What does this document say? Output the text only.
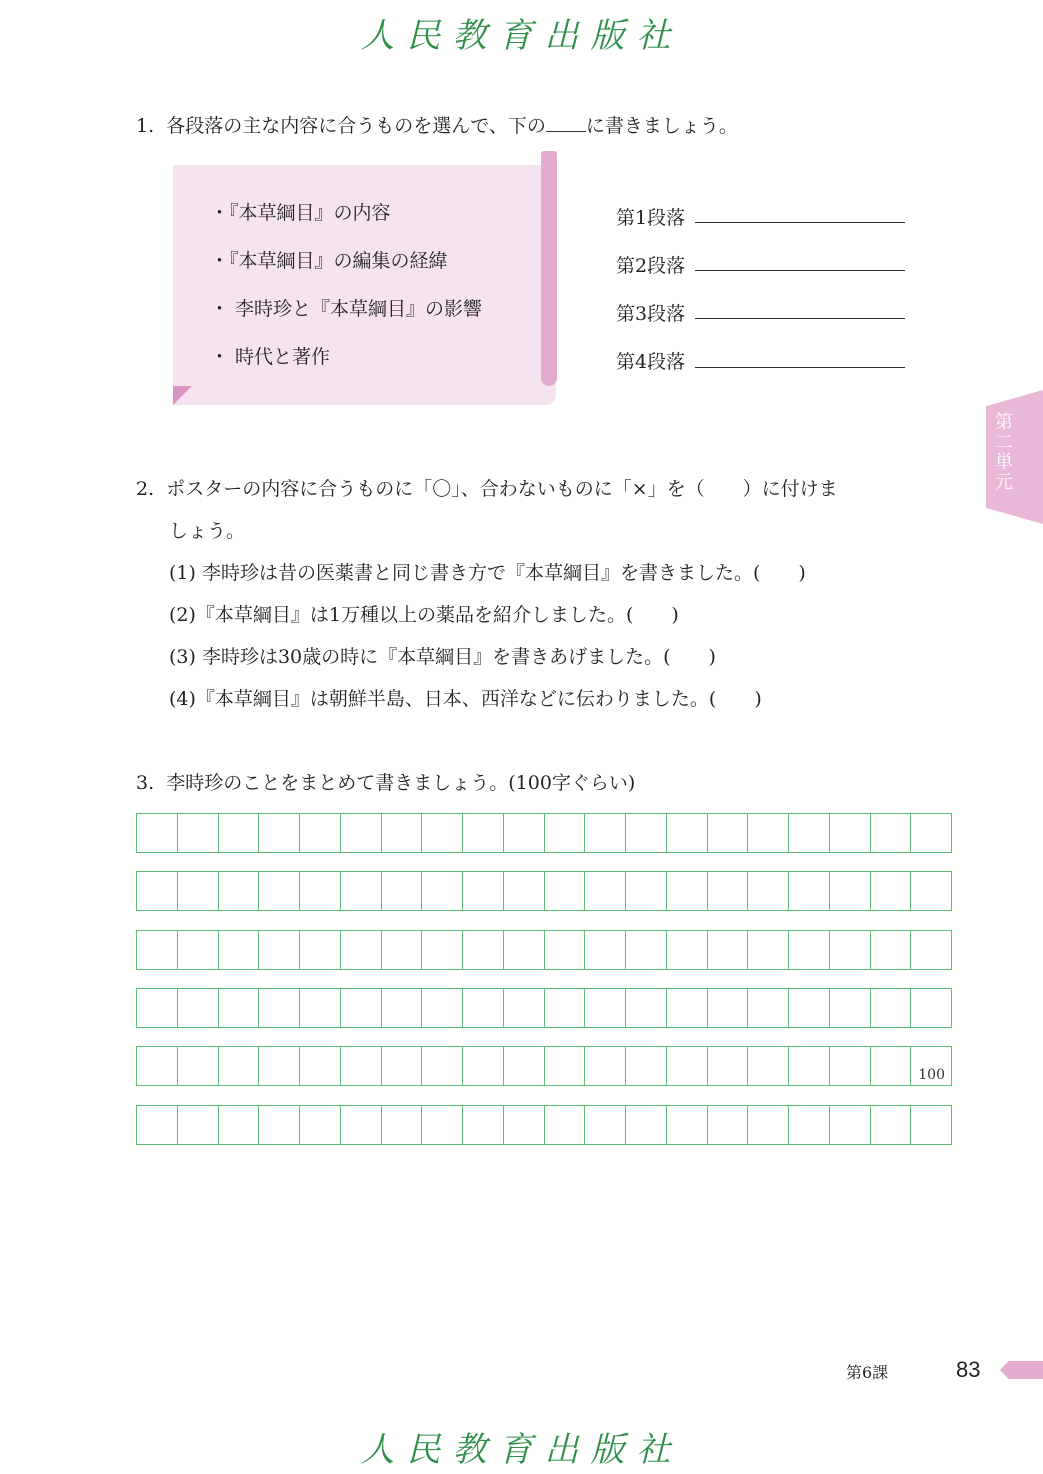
人民教育出版社
第二単元
1. 各段落の主な内容に合うものを選んで、下の に書きましょう。
・『本草綱目』の内容
・『本草綱目』の編集の経緯
・ 李時珍と『本草綱目』の影響
・ 時代と著作
第1段落
第2段落
第3段落
第4段落
2. ポスターの内容に合うものに「〇」、合わないものに「×」を（　　）に付けま
しょう。
(1) 李時珍は昔の医薬書と同じ書き方で『本草綱目』を書きました。(　　)
(2)『本草綱目』は1万種以上の薬品を紹介しました。(　　)
(3) 李時珍は30歳の時に『本草綱目』を書きあげました。(　　)
(4)『本草綱目』は朝鮮半島、日本、西洋などに伝わりました。(　　)
3. 李時珍のことをまとめて書きましょう。(100字ぐらい)
100
第6課	83
人民教育出版社
